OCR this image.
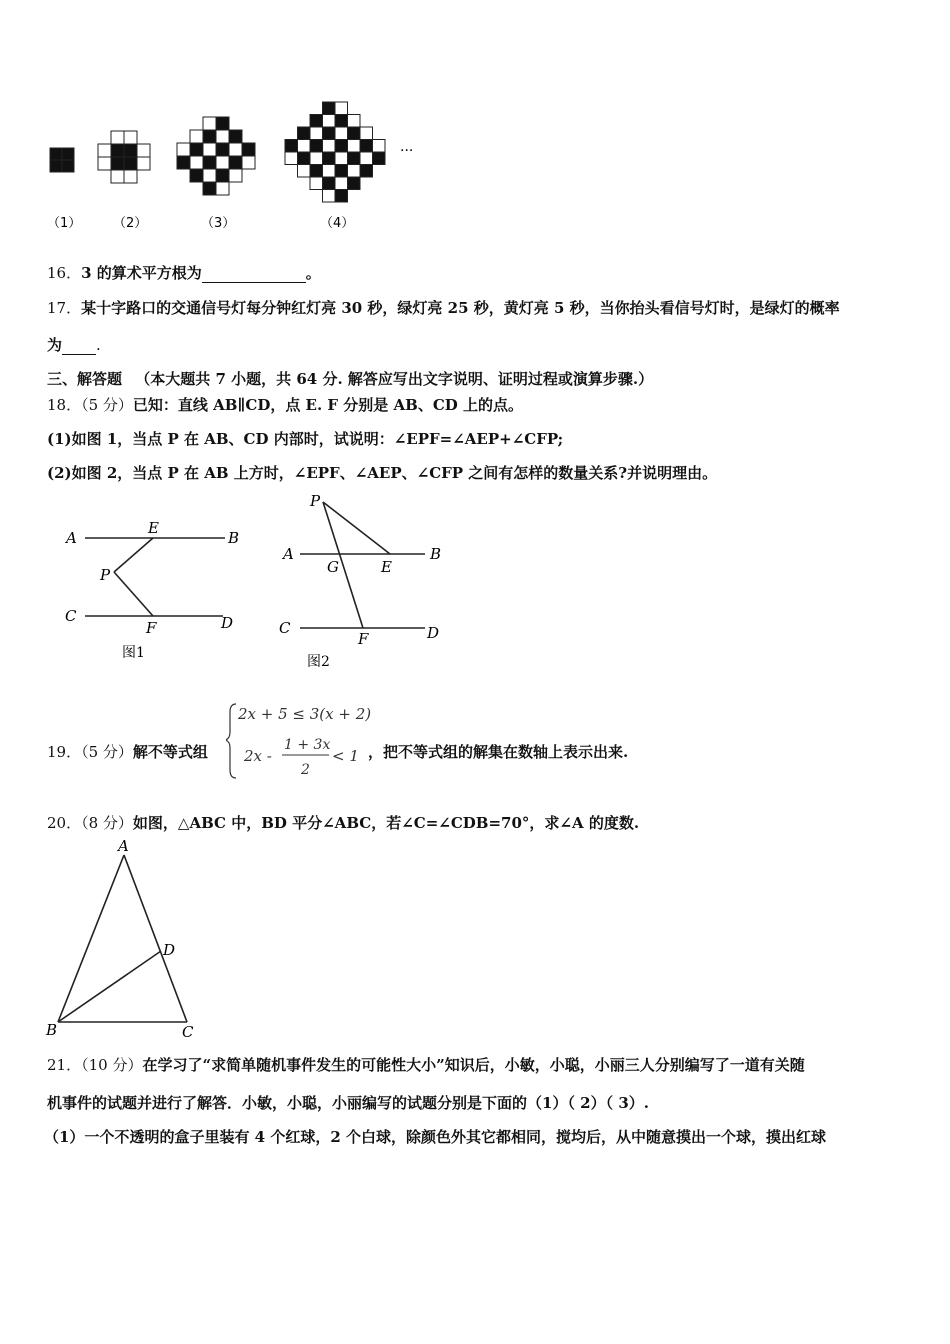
···
（1） （2）	（3）	（4）
16．3 的算术平方根为	。
17．某十字路口的交通信号灯每分钟红灯亮 30 秒，绿灯亮 25 秒，黄灯亮 5 秒，当你抬头看信号灯时，是绿灯的概率
为 .
三、解答题 （本大题共 7 小题，共 64 分. 解答应写出文字说明、证明过程或演算步骤.）
18．（5 分）已知：直线 AB∥CD，点 E. F 分别是 AB、CD 上的点。
(1)如图 1，当点 P 在 AB、CD 内部时，试说明：∠EPF=∠AEP+∠CFP;
(2)如图 2，当点 P 在 AB 上方时，∠EPF、∠AEP、∠CFP 之间有怎样的数量关系?并说明理由。
A	B
E
P
C	D
F
图1
P
A	B
G	E
C	D
F
图2
19．（5 分）解不等式组
2x + 5 ≤ 3(x + 2)
2x -
1 + 3x
2
< 1 ，把不等式组的解集在数轴上表示出来.
20．（8 分）如图，△ABC 中，BD 平分∠ABC，若∠C=∠CDB=70°，求∠A 的度数.
A
D
B	C
21．（10 分）在学习了“求简单随机事件发生的可能性大小”知识后，小敏，小聪，小丽三人分别编写了一道有关随
机事件的试题并进行了解答．小敏，小聪，小丽编写的试题分别是下面的（1）（ 2）（ 3）.
（1）一个不透明的盒子里装有 4 个红球，2 个白球，除颜色外其它都相同，搅均后，从中随意摸出一个球，摸出红球
